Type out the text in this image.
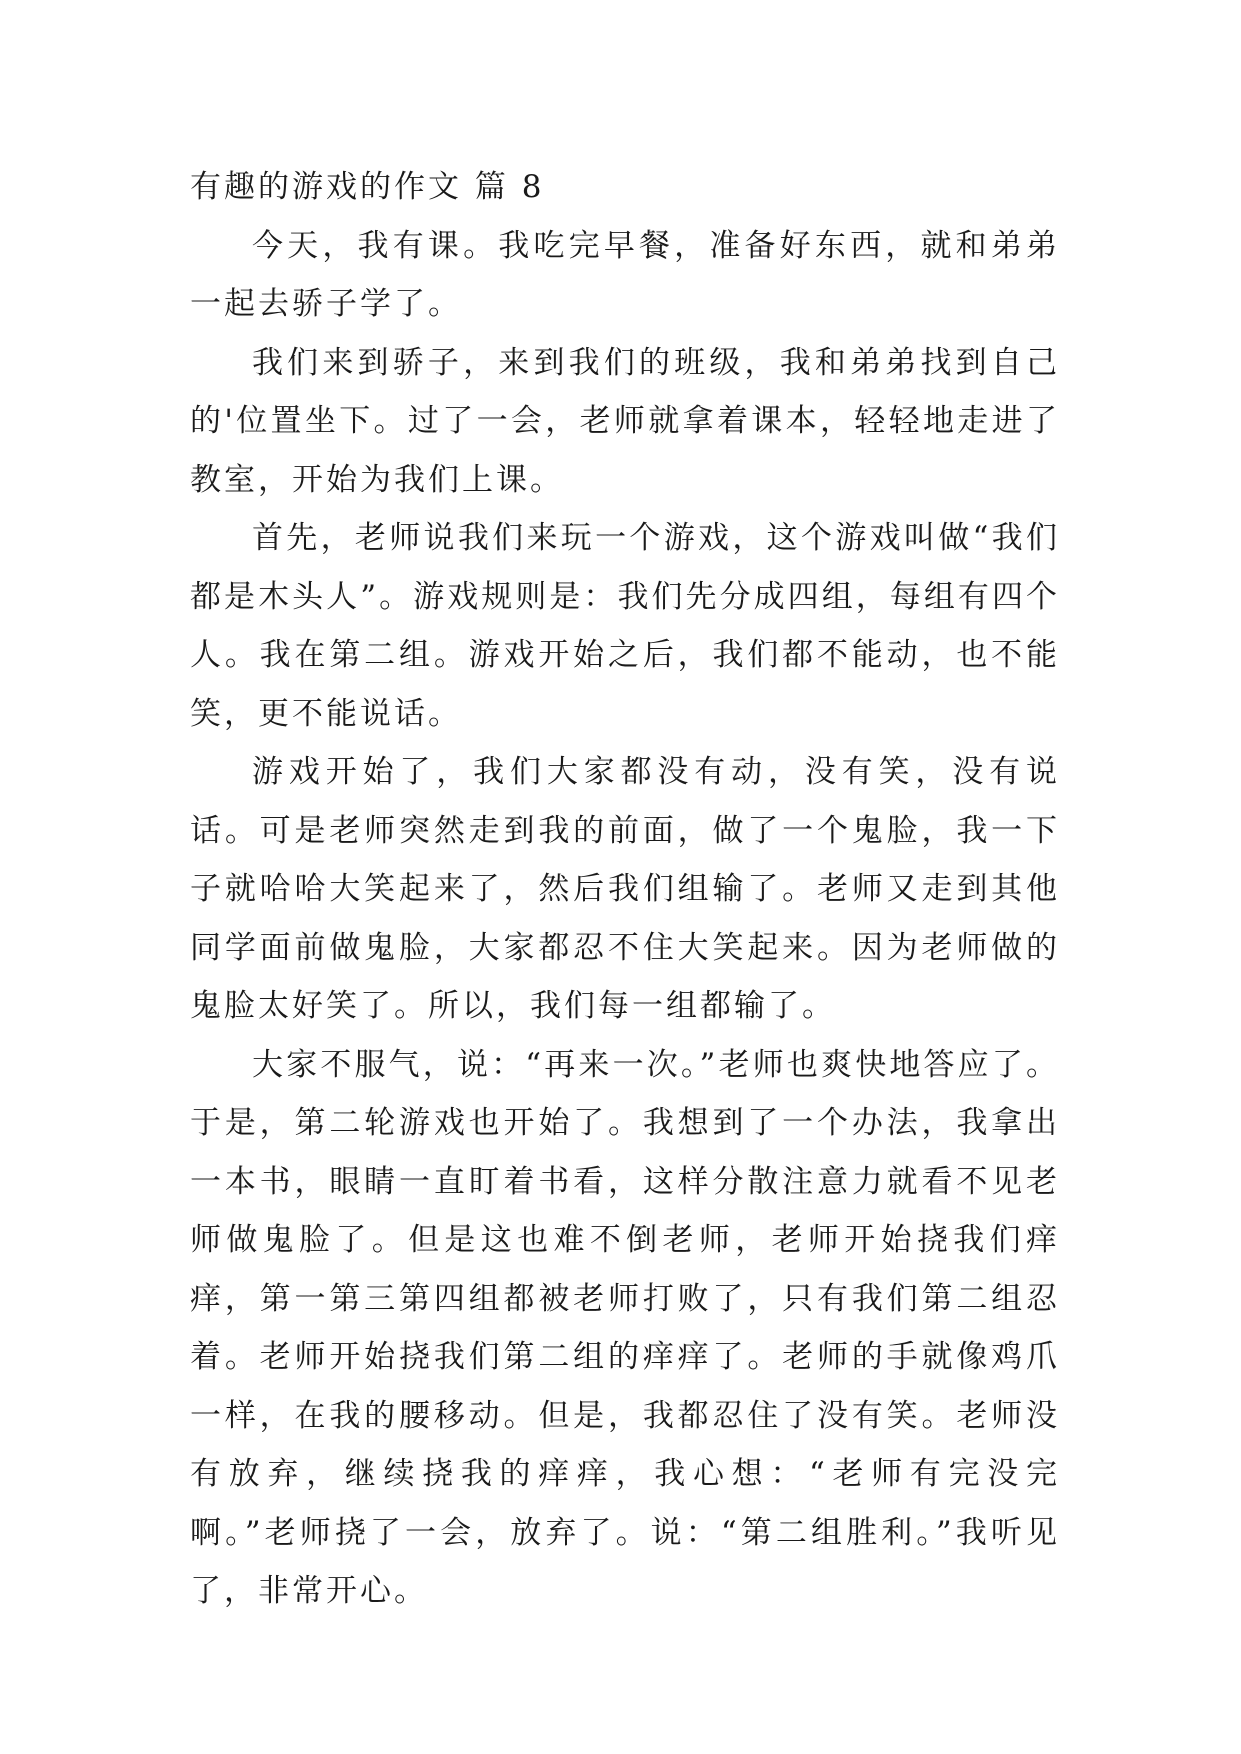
有趣的游戏的作文 篇 8

今天，我有课。我吃完早餐，准备好东西，就和弟弟一起去骄子学了。

我们来到骄子，来到我们的班级，我和弟弟找到自己的'位置坐下。过了一会，老师就拿着课本，轻轻地走进了教室，开始为我们上课。

首先，老师说我们来玩一个游戏，这个游戏叫做“我们都是木头人”。游戏规则是：我们先分成四组，每组有四个人。我在第二组。游戏开始之后，我们都不能动，也不能笑，更不能说话。

游戏开始了，我们大家都没有动，没有笑，没有说话。可是老师突然走到我的前面，做了一个鬼脸，我一下子就哈哈大笑起来了，然后我们组输了。老师又走到其他同学面前做鬼脸，大家都忍不住大笑起来。因为老师做的鬼脸太好笑了。所以，我们每一组都输了。

大家不服气，说：“再来一次。”老师也爽快地答应了。于是，第二轮游戏也开始了。我想到了一个办法，我拿出一本书，眼睛一直盯着书看，这样分散注意力就看不见老师做鬼脸了。但是这也难不倒老师，老师开始挠我们痒痒，第一第三第四组都被老师打败了，只有我们第二组忍着。老师开始挠我们第二组的痒痒了。老师的手就像鸡爪一样，在我的腰移动。但是，我都忍住了没有笑。老师没有放弃，继续挠我的痒痒，我心想：“老师有完没完啊。”老师挠了一会，放弃了。说：“第二组胜利。”我听见了，非常开心。
